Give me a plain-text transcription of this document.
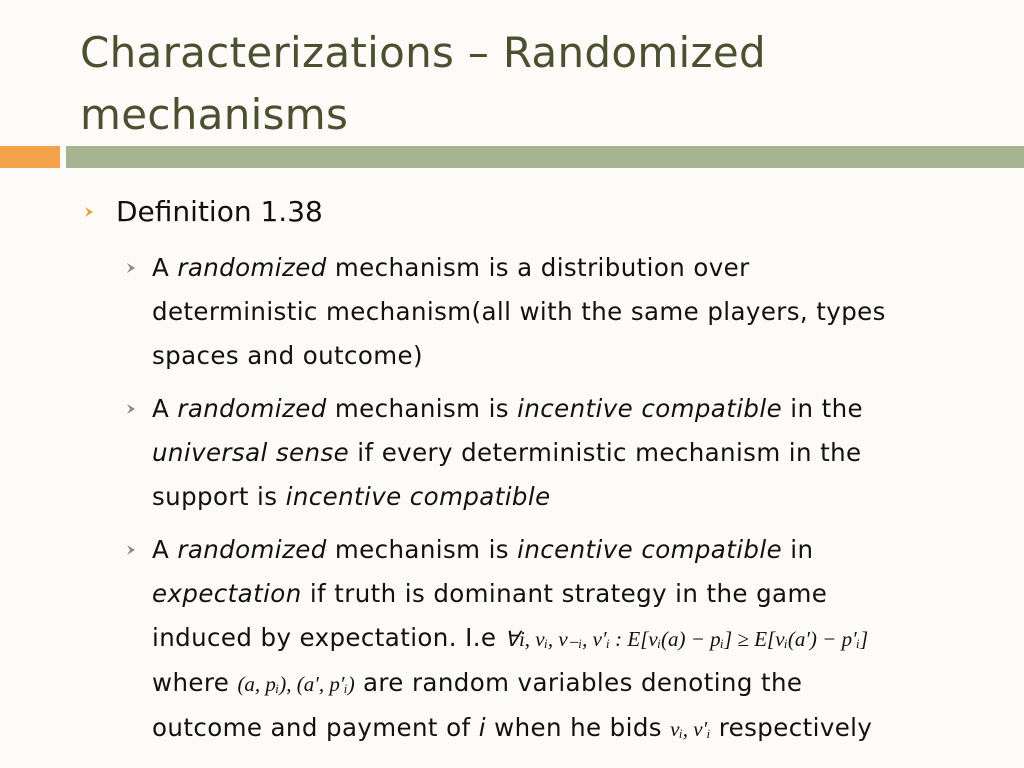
Characterizations – Randomized
mechanisms
Definition 1.38
A randomized mechanism is a distribution over
deterministic mechanism(all with the same players, types
spaces and outcome)
A randomized mechanism is incentive compatible in the
universal sense if every deterministic mechanism in the
support is incentive compatible
A randomized mechanism is incentive compatible in
expectation if truth is dominant strategy in the game
induced by expectation. I.e ∀i, vᵢ, v₋ᵢ, v′ᵢ : E[vᵢ(a) − pᵢ] ≥ E[vᵢ(a′) − p′ᵢ]
where (a, pᵢ), (a′, p′ᵢ) are random variables denoting the
outcome and payment of i when he bids vᵢ, v′ᵢ respectively
